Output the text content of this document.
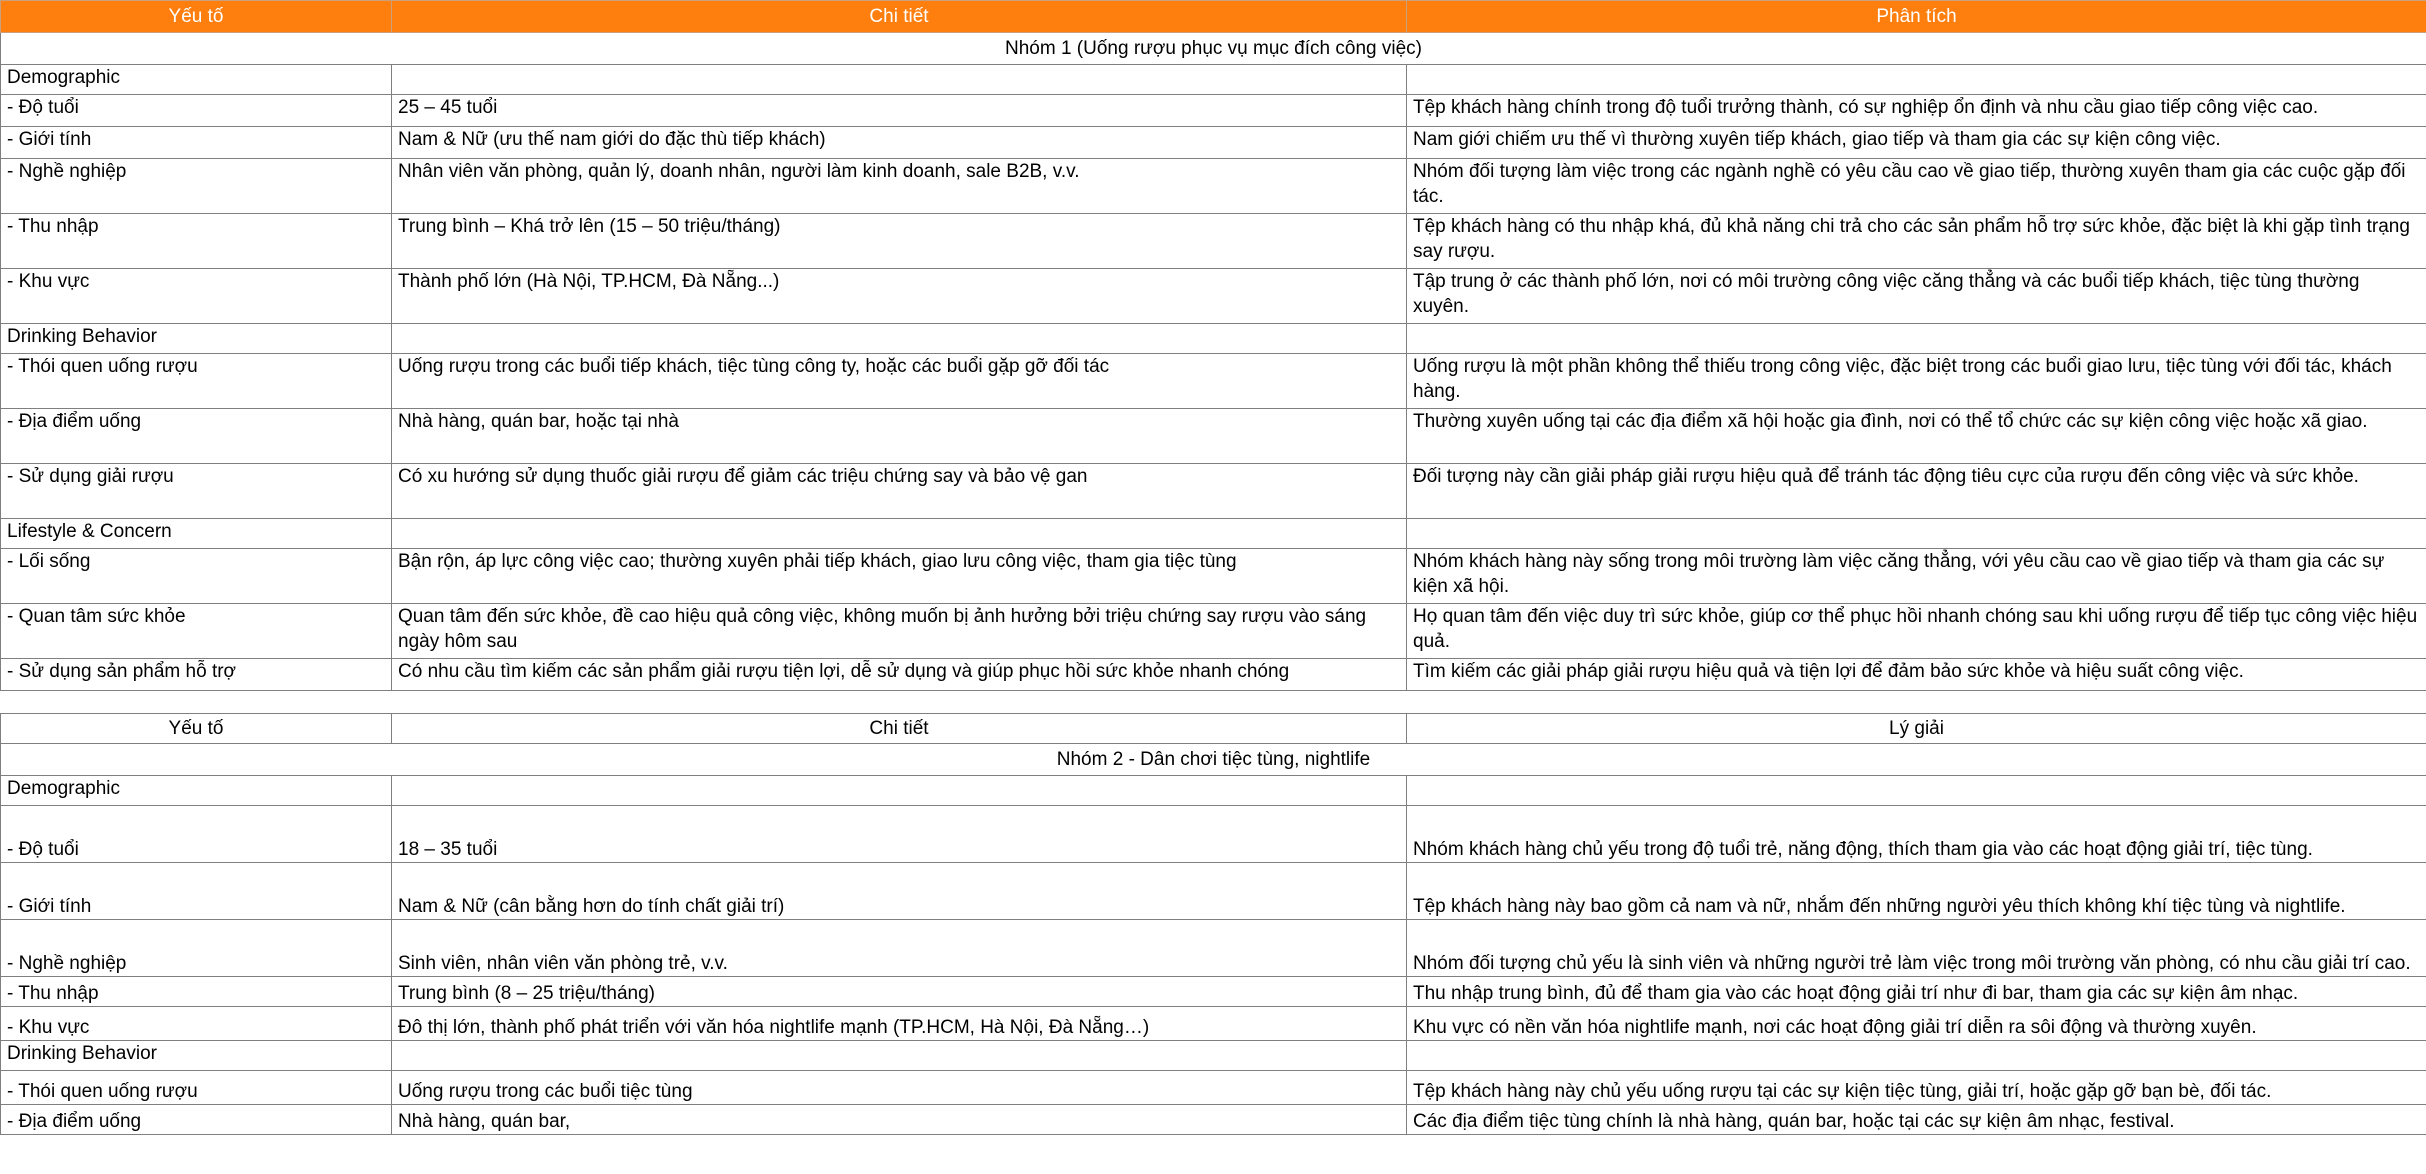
Yếu tố	Chi tiết	Phân tích
Nhóm 1 (Uống rượu phục vụ mục đích công việc)		
Demographic		
- Độ tuổi	25 – 45 tuổi	Tệp khách hàng chính trong độ tuổi trưởng thành, có sự nghiệp ổn định và nhu cầu giao tiếp công việc cao.
- Giới tính	Nam & Nữ (ưu thế nam giới do đặc thù tiếp khách)	Nam giới chiếm ưu thế vì thường xuyên tiếp khách, giao tiếp và tham gia các sự kiện công việc.
- Nghề nghiệp	Nhân viên văn phòng, quản lý, doanh nhân, người làm kinh doanh, sale B2B, v.v.	Nhóm đối tượng làm việc trong các ngành nghề có yêu cầu cao về giao tiếp, thường xuyên tham gia các cuộc gặp đối tác.
- Thu nhập	Trung bình – Khá trở lên (15 – 50 triệu/tháng)	Tệp khách hàng có thu nhập khá, đủ khả năng chi trả cho các sản phẩm hỗ trợ sức khỏe, đặc biệt là khi gặp tình trạng say rượu.
- Khu vực	Thành phố lớn (Hà Nội, TP.HCM, Đà Nẵng...)	Tập trung ở các thành phố lớn, nơi có môi trường công việc căng thẳng và các buổi tiếp khách, tiệc tùng thường xuyên.
Drinking Behavior		
- Thói quen uống rượu	Uống rượu trong các buổi tiếp khách, tiệc tùng công ty, hoặc các buổi gặp gỡ đối tác	Uống rượu là một phần không thể thiếu trong công việc, đặc biệt trong các buổi giao lưu, tiệc tùng với đối tác, khách hàng.
- Địa điểm uống	Nhà hàng, quán bar, hoặc tại nhà	Thường xuyên uống tại các địa điểm xã hội hoặc gia đình, nơi có thể tổ chức các sự kiện công việc hoặc xã giao.
- Sử dụng giải rượu	Có xu hướng sử dụng thuốc giải rượu để giảm các triệu chứng say và bảo vệ gan	Đối tượng này cần giải pháp giải rượu hiệu quả để tránh tác động tiêu cực của rượu đến công việc và sức khỏe.
Lifestyle & Concern		
- Lối sống	Bận rộn, áp lực công việc cao; thường xuyên phải tiếp khách, giao lưu công việc, tham gia tiệc tùng	Nhóm khách hàng này sống trong môi trường làm việc căng thẳng, với yêu cầu cao về giao tiếp và tham gia các sự kiện xã hội.
- Quan tâm sức khỏe	Quan tâm đến sức khỏe, đề cao hiệu quả công việc, không muốn bị ảnh hưởng bởi triệu chứng say rượu vào sáng ngày hôm sau	Họ quan tâm đến việc duy trì sức khỏe, giúp cơ thể phục hồi nhanh chóng sau khi uống rượu để tiếp tục công việc hiệu quả.
- Sử dụng sản phẩm hỗ trợ	Có nhu cầu tìm kiếm các sản phẩm giải rượu tiện lợi, dễ sử dụng và giúp phục hồi sức khỏe nhanh chóng	Tìm kiếm các giải pháp giải rượu hiệu quả và tiện lợi để đảm bảo sức khỏe và hiệu suất công việc.

Yếu tố	Chi tiết	Lý giải
Nhóm 2 - Dân chơi tiệc tùng, nightlife		
Demographic		
- Độ tuổi	18 – 35 tuổi	Nhóm khách hàng chủ yếu trong độ tuổi trẻ, năng động, thích tham gia vào các hoạt động giải trí, tiệc tùng.
- Giới tính	Nam & Nữ (cân bằng hơn do tính chất giải trí)	Tệp khách hàng này bao gồm cả nam và nữ, nhắm đến những người yêu thích không khí tiệc tùng và nightlife.
- Nghề nghiệp	Sinh viên, nhân viên văn phòng trẻ, v.v.	Nhóm đối tượng chủ yếu là sinh viên và những người trẻ làm việc trong môi trường văn phòng, có nhu cầu giải trí cao.
- Thu nhập	Trung bình (8 – 25 triệu/tháng)	Thu nhập trung bình, đủ để tham gia vào các hoạt động giải trí như đi bar, tham gia các sự kiện âm nhạc.
- Khu vực	Đô thị lớn, thành phố phát triển với văn hóa nightlife mạnh (TP.HCM, Hà Nội, Đà Nẵng…)	Khu vực có nền văn hóa nightlife mạnh, nơi các hoạt động giải trí diễn ra sôi động và thường xuyên.
Drinking Behavior		
- Thói quen uống rượu	Uống rượu trong các buổi tiệc tùng	Tệp khách hàng này chủ yếu uống rượu tại các sự kiện tiệc tùng, giải trí, hoặc gặp gỡ bạn bè, đối tác.
- Địa điểm uống	Nhà hàng, quán bar,	Các địa điểm tiệc tùng chính là nhà hàng, quán bar, hoặc tại các sự kiện âm nhạc, festival.
